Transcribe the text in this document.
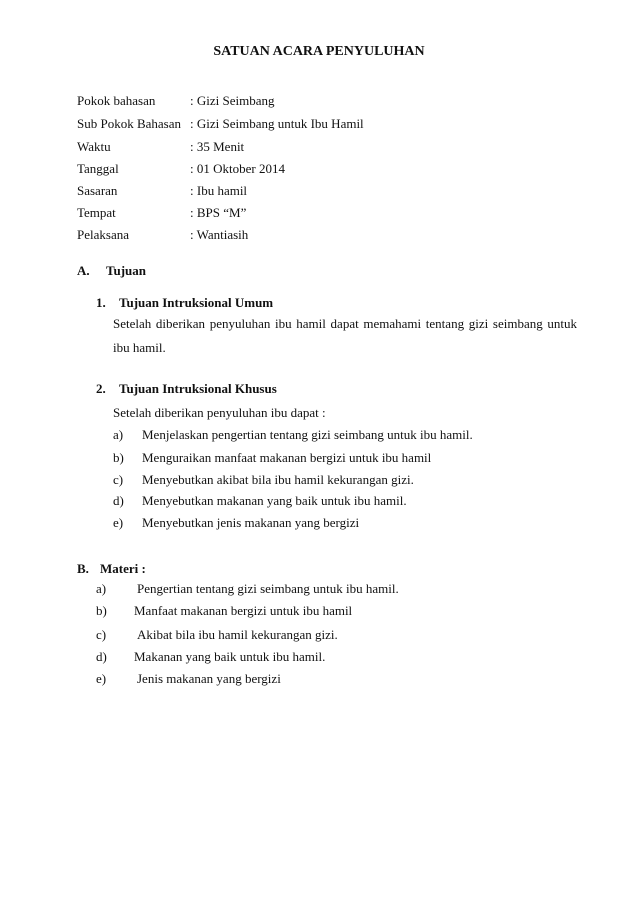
SATUAN ACARA PENYULUHAN
Pokok bahasan	: Gizi Seimbang
Sub Pokok Bahasan : Gizi Seimbang untuk Ibu Hamil
Waktu	: 35 Menit
Tanggal	: 01 Oktober 2014
Sasaran	: Ibu hamil
Tempat	: BPS “M”
Pelaksana	: Wantiasih
A. Tujuan
1. Tujuan Intruksional Umum
Setelah diberikan penyuluhan ibu hamil dapat memahami tentang gizi seimbang untuk ibu hamil.
2. Tujuan Intruksional Khusus
Setelah diberikan penyuluhan ibu dapat :
a) Menjelaskan pengertian tentang gizi seimbang untuk ibu hamil.
b) Menguraikan manfaat makanan bergizi untuk ibu hamil
c) Menyebutkan akibat bila ibu hamil kekurangan gizi.
d) Menyebutkan makanan yang baik untuk ibu hamil.
e) Menyebutkan jenis makanan yang bergizi
B. Materi :
a) Pengertian tentang gizi seimbang untuk ibu hamil.
b) Manfaat makanan bergizi untuk ibu hamil
c) Akibat bila ibu hamil kekurangan gizi.
d) Makanan yang baik untuk ibu hamil.
e) Jenis makanan yang bergizi
